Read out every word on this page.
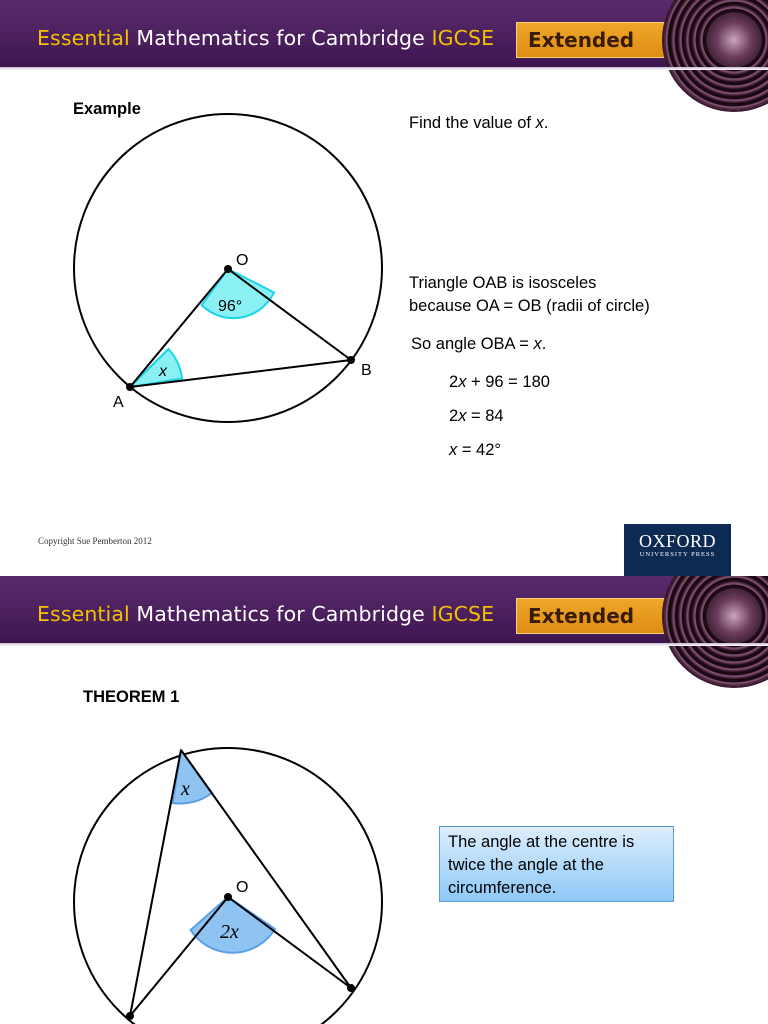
Essential Mathematics for Cambridge IGCSE	Extended
Example
O
A
B
96°
x
Find the value of x.
Triangle OAB is isosceles
because OA = OB (radii of circle)
So angle OBA = x.
2x + 96 = 180
2x = 84
x = 42°
Copyright Sue Pemberton 2012	OXFORD
UNIVERSITY PRESS
Essential Mathematics for Cambridge IGCSE	Extended
THEOREM 1
O
x
2x
The angle at the centre is twice the angle at the circumference.
